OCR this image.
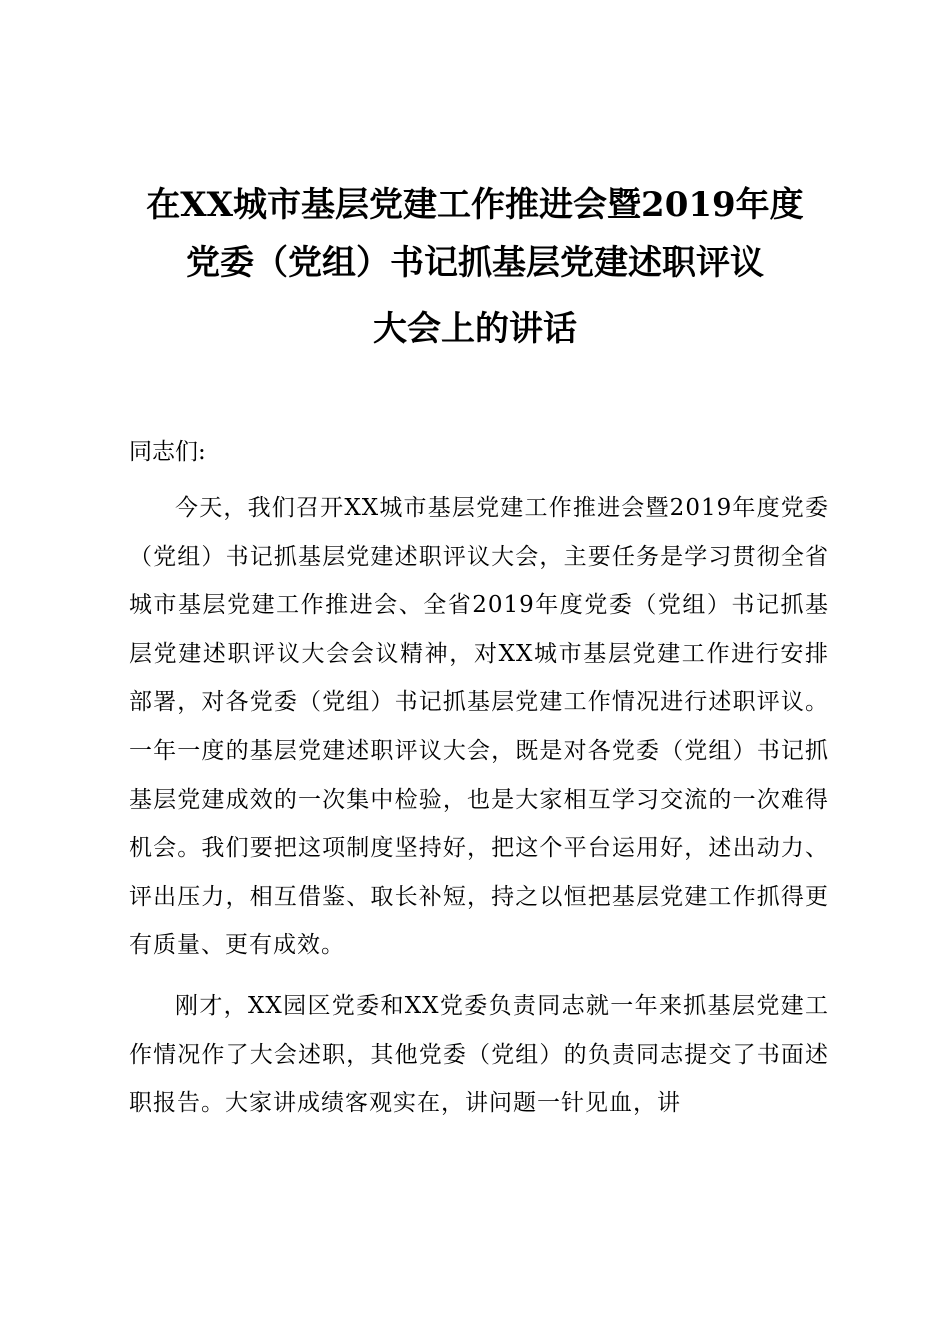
在XX城市基层党建工作推进会暨2019年度
党委（党组）书记抓基层党建述职评议
大会上的讲话
同志们:

今天，我们召开XX城市基层党建工作推进会暨2019年度党委（党组）书记抓基层党建述职评议大会，主要任务是学习贯彻全省城市基层党建工作推进会、全省2019年度党委（党组）书记抓基层党建述职评议大会会议精神，对XX城市基层党建工作进行安排部署，对各党委（党组）书记抓基层党建工作情况进行述职评议。一年一度的基层党建述职评议大会，既是对各党委（党组）书记抓基层党建成效的一次集中检验，也是大家相互学习交流的一次难得机会。我们要把这项制度坚持好，把这个平台运用好，述出动力、评出压力，相互借鉴、取长补短，持之以恒把基层党建工作抓得更有质量、更有成效。

刚才，XX园区党委和XX党委负责同志就一年来抓基层党建工作情况作了大会述职，其他党委（党组）的负责同志提交了书面述职报告。大家讲成绩客观实在，讲问题一针见血，讲
